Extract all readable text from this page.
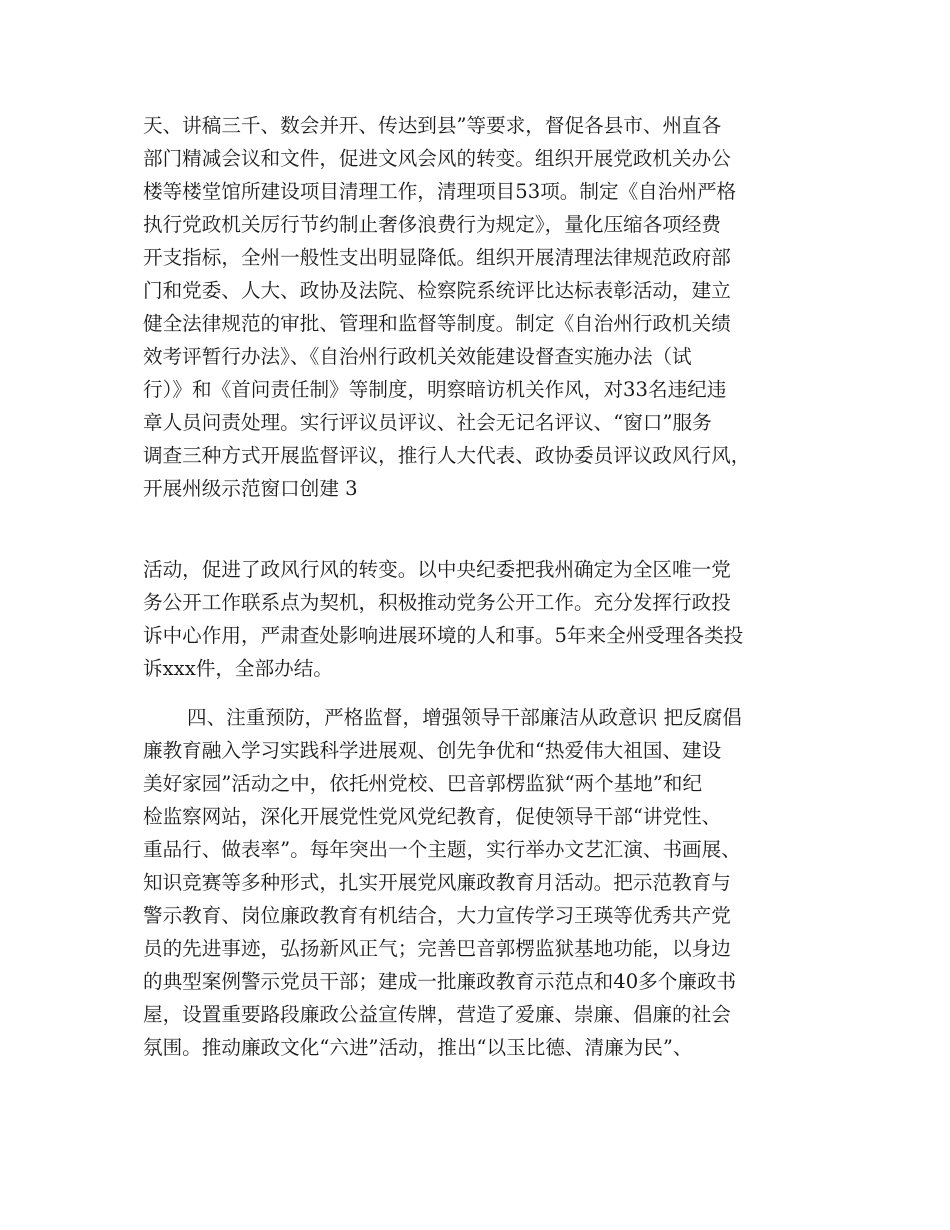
天、讲稿三千、数会并开、传达到县”等要求，督促各县市、州直各
部门精减会议和文件，促进文风会风的转变。组织开展党政机关办公
楼等楼堂馆所建设项目清理工作，清理项目53项。制定《自治州严格
执行党政机关厉行节约制止奢侈浪费行为规定》，量化压缩各项经费
开支指标，全州一般性支出明显降低。组织开展清理法律规范政府部
门和党委、人大、政协及法院、检察院系统评比达标表彰活动，建立
健全法律规范的审批、管理和监督等制度。制定《自治州行政机关绩
效考评暂行办法》、《自治州行政机关效能建设督查实施办法（试
行）》和《首问责任制》等制度，明察暗访机关作风，对33名违纪违
章人员问责处理。实行评议员评议、社会无记名评议、“窗口”服务
调查三种方式开展监督评议，推行人大代表、政协委员评议政风行风，
开展州级示范窗口创建 3
活动，促进了政风行风的转变。以中央纪委把我州确定为全区唯一党
务公开工作联系点为契机，积极推动党务公开工作。充分发挥行政投
诉中心作用，严肃查处影响进展环境的人和事。5年来全州受理各类投
诉xxx件，全部办结。
四、注重预防，严格监督，增强领导干部廉洁从政意识 把反腐倡
廉教育融入学习实践科学进展观、创先争优和“热爱伟大祖国、建设
美好家园”活动之中，依托州党校、巴音郭楞监狱“两个基地”和纪
检监察网站，深化开展党性党风党纪教育，促使领导干部“讲党性、
重品行、做表率”。每年突出一个主题，实行举办文艺汇演、书画展、
知识竞赛等多种形式，扎实开展党风廉政教育月活动。把示范教育与
警示教育、岗位廉政教育有机结合，大力宣传学习王瑛等优秀共产党
员的先进事迹，弘扬新风正气；完善巴音郭楞监狱基地功能，以身边
的典型案例警示党员干部；建成一批廉政教育示范点和40多个廉政书
屋，设置重要路段廉政公益宣传牌，营造了爱廉、崇廉、倡廉的社会
氛围。推动廉政文化“六进”活动，推出“以玉比德、清廉为民”、
